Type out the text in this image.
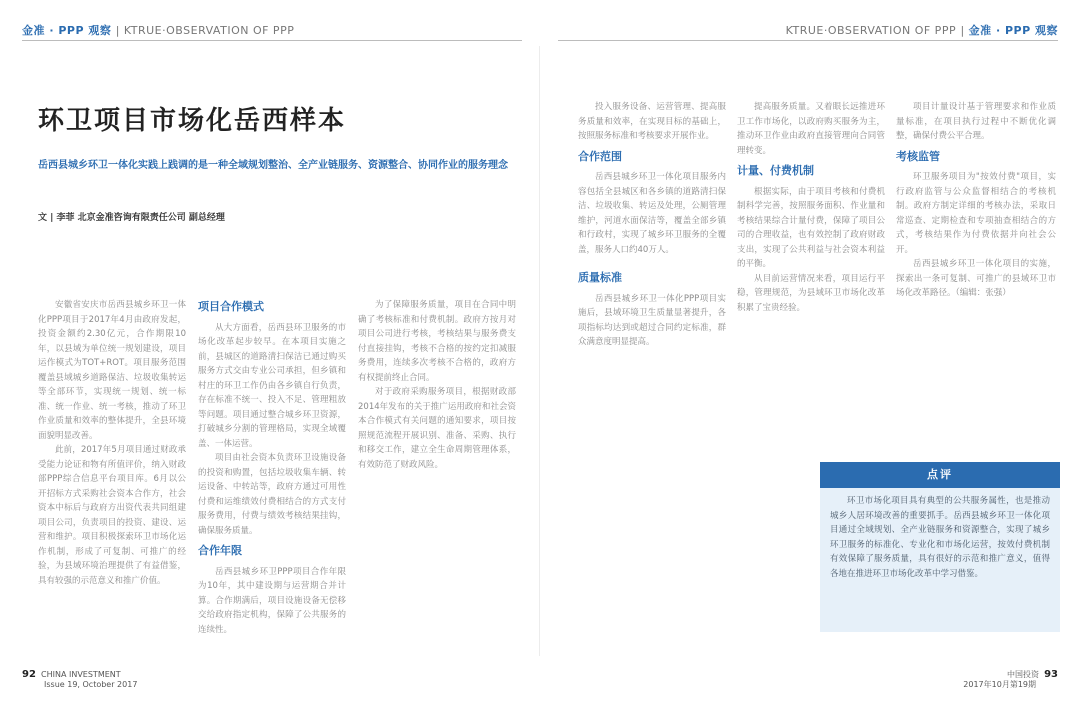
金准 · PPP 观察 | KTRUE·OBSERVATION OF PPP	KTRUE·OBSERVATION OF PPP | 金准 · PPP 观察
环卫项目市场化岳西样本
岳西县城乡环卫一体化实践上践调的是一种全域规划整治、全产业链服务、资源整合、协同作业的服务理念
文 | 李菲 北京金准咨询有限责任公司 副总经理

安徽省安庆市岳西县城乡环卫一体化PPP项目于2017年4月由政府发起，投资金额约2.30亿元，合作期限10年，以县域为单位统一规划建设，项目运作模式为TOT+ROT。项目服务范围覆盖县域城乡道路保洁、垃圾收集转运等全部环节，实现统一规划、统一标准、统一作业、统一考核，推动了环卫作业质量和效率的整体提升，全县环境面貌明显改善。

此前，2017年5月项目通过财政承受能力论证和物有所值评价，纳入财政部PPP综合信息平台项目库。6月以公开招标方式采购社会资本合作方，社会资本中标后与政府方出资代表共同组建项目公司，负责项目的投资、建设、运营和维护。项目积极探索环卫市场化运作机制，形成了可复制、可推广的经验，为县域环境治理提供了有益借鉴，具有较强的示范意义和推广价值。

项目合作模式

从大方面看，岳西县环卫服务的市场化改革起步较早。在本项目实施之前，县城区的道路清扫保洁已通过购买服务方式交由专业公司承担，但乡镇和村庄的环卫工作仍由各乡镇自行负责，存在标准不统一、投入不足、管理粗放等问题。项目通过整合城乡环卫资源，打破城乡分割的管理格局，实现全域覆盖、一体运营。

项目由社会资本负责环卫设施设备的投资和购置，包括垃圾收集车辆、转运设备、中转站等，政府方通过可用性付费和运维绩效付费相结合的方式支付服务费用，付费与绩效考核结果挂钩，确保服务质量。

合作年限

岳西县城乡环卫PPP项目合作年限为10年，其中建设期与运营期合并计算。合作期满后，项目设施设备无偿移交给政府指定机构，保障了公共服务的连续性。

为了保障服务质量，项目在合同中明确了考核标准和付费机制。政府方按月对项目公司进行考核，考核结果与服务费支付直接挂钩，考核不合格的按约定扣减服务费用，连续多次考核不合格的，政府方有权提前终止合同。

对于政府采购服务项目，根据财政部2014年发布的关于推广运用政府和社会资本合作模式有关问题的通知要求，项目按照规范流程开展识别、准备、采购、执行和移交工作，建立全生命周期管理体系，有效防范了财政风险。

投入服务设备、运营管理、提高服务质量和效率，在实现目标的基础上，按照服务标准和考核要求开展作业。

合作范围

岳西县城乡环卫一体化项目服务内容包括全县城区和各乡镇的道路清扫保洁、垃圾收集、转运及处理，公厕管理维护，河道水面保洁等，覆盖全部乡镇和行政村，实现了城乡环卫服务的全覆盖，服务人口约40万人。

质量标准

岳西县城乡环卫一体化PPP项目实施后，县域环境卫生质量显著提升，各项指标均达到或超过合同约定标准，群众满意度明显提高。

提高服务质量。又着眼长远推进环卫工作市场化，以政府购买服务为主，推动环卫作业由政府直接管理向合同管理转变。

计量、付费机制

根据实际，由于项目考核和付费机制科学完善，按照服务面积、作业量和考核结果综合计量付费，保障了项目公司的合理收益，也有效控制了政府财政支出，实现了公共利益与社会资本利益的平衡。

从目前运营情况来看，项目运行平稳，管理规范，为县域环卫市场化改革积累了宝贵经验。

项目计量设计基于管理要求和作业质量标准，在项目执行过程中不断优化调整，确保付费公平合理。

考核监管

环卫服务项目为"按效付费"项目，实行政府监管与公众监督相结合的考核机制。政府方制定详细的考核办法，采取日常巡查、定期检查和专项抽查相结合的方式，考核结果作为付费依据并向社会公开。

岳西县城乡环卫一体化项目的实施，探索出一条可复制、可推广的县域环卫市场化改革路径。（编辑：张强）

点评
环卫市场化项目具有典型的公共服务属性，也是推动城乡人居环境改善的重要抓手。岳西县城乡环卫一体化项目通过全域规划、全产业链服务和资源整合，实现了城乡环卫服务的标准化、专业化和市场化运营，按效付费机制有效保障了服务质量，具有很好的示范和推广意义，值得各地在推进环卫市场化改革中学习借鉴。
92 CHINA INVESTMENT
Issue 19, October 2017
中国投资 93
2017年10月第19期
